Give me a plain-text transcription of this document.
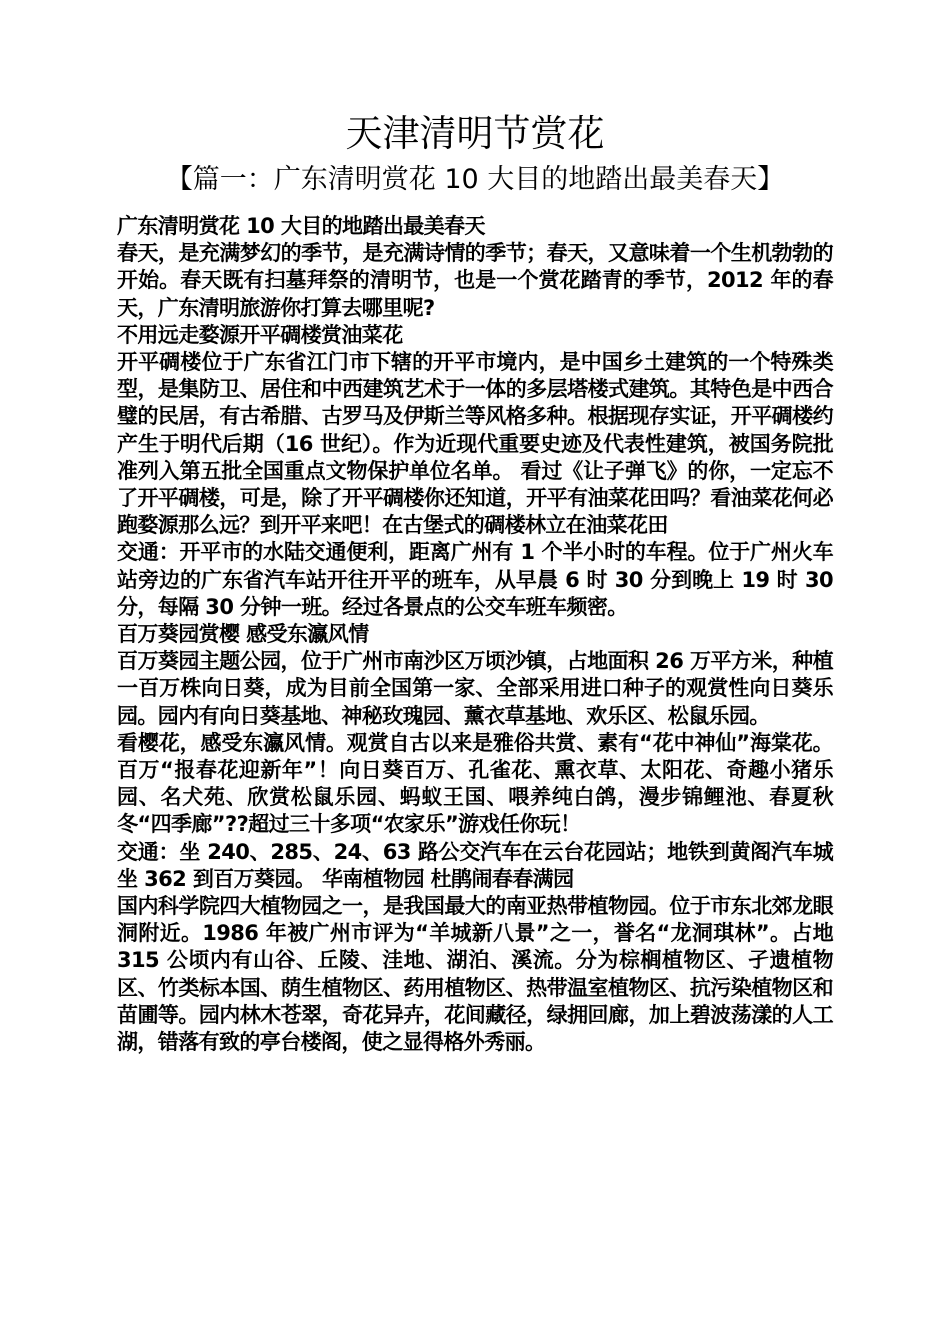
天津清明节赏花
【篇一：广东清明赏花 10 大目的地踏出最美春天】

广东清明赏花 10 大目的地踏出最美春天

春天，是充满梦幻的季节，是充满诗情的季节；春天，又意味着一个生机勃勃的开始。春天既有扫墓拜祭的清明节，也是一个赏花踏青的季节，2012 年的春天，广东清明旅游你打算去哪里呢?

不用远走婺源开平碉楼赏油菜花

开平碉楼位于广东省江门市下辖的开平市境内，是中国乡土建筑的一个特殊类型，是集防卫、居住和中西建筑艺术于一体的多层塔楼式建筑。其特色是中西合璧的民居，有古希腊、古罗马及伊斯兰等风格多种。根据现存实证，开平碉楼约产生于明代后期（16 世纪）。作为近现代重要史迹及代表性建筑，被国务院批准列入第五批全国重点文物保护单位名单。 看过《让子弹飞》的你，一定忘不了开平碉楼，可是，除了开平碉楼你还知道，开平有油菜花田吗？看油菜花何必跑婺源那么远？到开平来吧！在古堡式的碉楼林立在油菜花田

交通：开平市的水陆交通便利，距离广州有 1 个半小时的车程。位于广州火车站旁边的广东省汽车站开往开平的班车，从早晨 6 时 30 分到晚上 19 时 30 分，每隔 30 分钟一班。经过各景点的公交车班车频密。

百万葵园赏樱 感受东瀛风情

百万葵园主题公园，位于广州市南沙区万顷沙镇，占地面积 26 万平方米，种植一百万株向日葵，成为目前全国第一家、全部采用进口种子的观赏性向日葵乐园。园内有向日葵基地、神秘玫瑰园、薰衣草基地、欢乐区、松鼠乐园。

看樱花，感受东瀛风情。观赏自古以来是雅俗共赏、素有“花中神仙”海棠花。百万“报春花迎新年”！向日葵百万、孔雀花、熏衣草、太阳花、奇趣小猪乐园、名犬苑、欣赏松鼠乐园、蚂蚁王国、喂养纯白鸽，漫步锦鲤池、春夏秋冬“四季廊”??超过三十多项“农家乐”游戏任你玩！

交通：坐 240、285、24、63 路公交汽车在云台花园站；地铁到黄阁汽车城坐 362 到百万葵园。 华南植物园 杜鹃闹春春满园

国内科学院四大植物园之一，是我国最大的南亚热带植物园。位于市东北郊龙眼洞附近。1986 年被广州市评为“羊城新八景”之一，誉名“龙洞琪林”。占地 315 公顷内有山谷、丘陵、洼地、湖泊、溪流。分为棕榈植物区、孑遗植物区、竹类标本国、荫生植物区、药用植物区、热带温室植物区、抗污染植物区和苗圃等。园内林木苍翠，奇花异卉，花间藏径，绿拥回廊，加上碧波荡漾的人工湖，错落有致的亭台楼阁，使之显得格外秀丽。
